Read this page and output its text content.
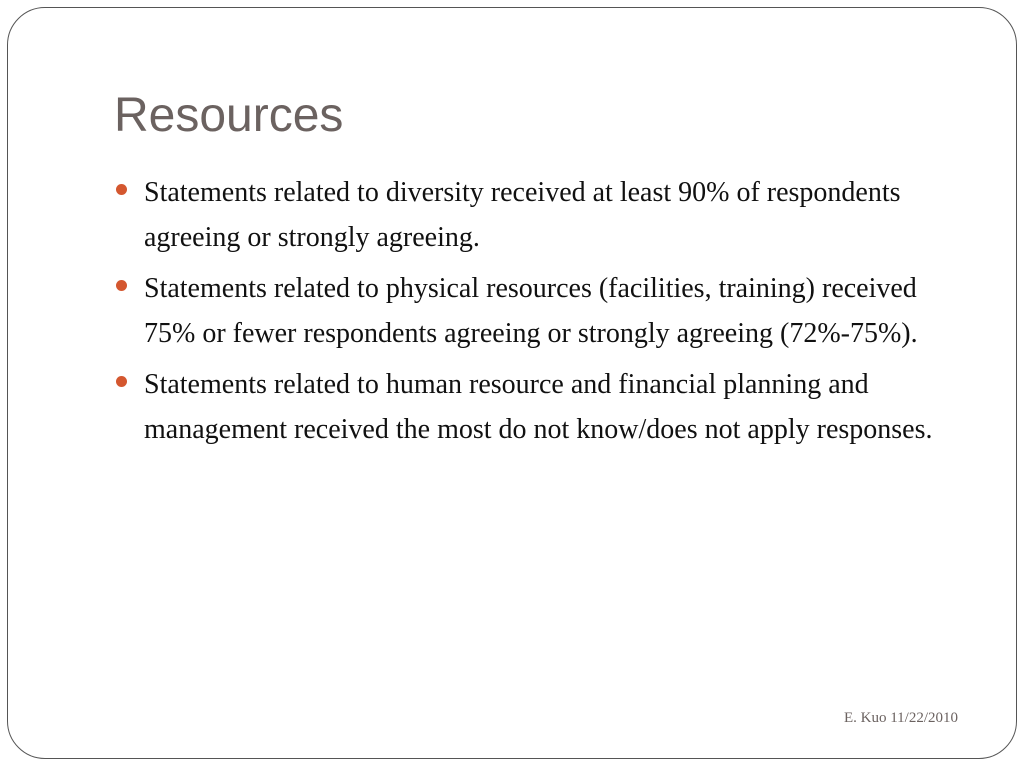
Resources
Statements related to diversity received at least 90% of respondents agreeing or strongly agreeing.
Statements related to physical resources (facilities, training) received 75% or fewer respondents agreeing or strongly agreeing (72%-75%).
Statements related to human resource and financial planning and management received the most do not know/does not apply responses.
E. Kuo 11/22/2010
